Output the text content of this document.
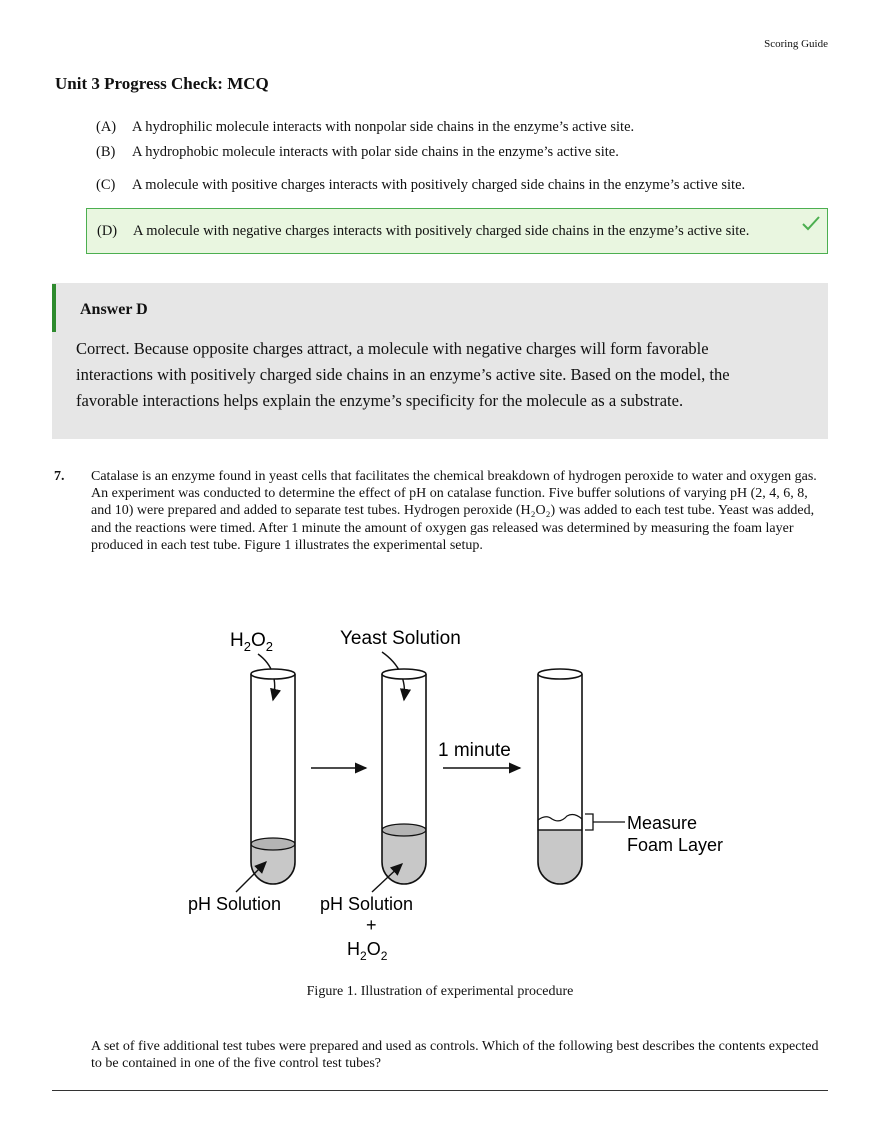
Scoring Guide
Unit 3 Progress Check: MCQ
(A)	A hydrophilic molecule interacts with nonpolar side chains in the enzyme’s active site.
(B)	A hydrophobic molecule interacts with polar side chains in the enzyme’s active site.
(C)	A molecule with positive charges interacts with positively charged side chains in the enzyme’s active site.
(D)	A molecule with negative charges interacts with positively charged side chains in the enzyme’s active site.
Answer D
Correct. Because opposite charges attract, a molecule with negative charges will form favorable interactions with positively charged side chains in an enzyme’s active site. Based on the model, the favorable interactions helps explain the enzyme’s specificity for the molecule as a substrate.
7. Catalase is an enzyme found in yeast cells that facilitates the chemical breakdown of hydrogen peroxide to water and oxygen gas. An experiment was conducted to determine the effect of pH on catalase function. Five buffer solutions of varying pH (2, 4, 6, 8, and 10) were prepared and added to separate test tubes. Hydrogen peroxide (H₂O₂) was added to each test tube. Yeast was added, and the reactions were timed. After 1 minute the amount of oxygen gas released was determined by measuring the foam layer produced in each test tube. Figure 1 illustrates the experimental setup.
$H_2O_2$	Yeast Solution
1 minute
Measure
Foam Layer
pH Solution pH Solution
+
$H_2O_2$
Figure 1. Illustration of experimental procedure
A set of five additional test tubes were prepared and used as controls. Which of the following best describes the contents expected to be contained in one of the five control test tubes?
